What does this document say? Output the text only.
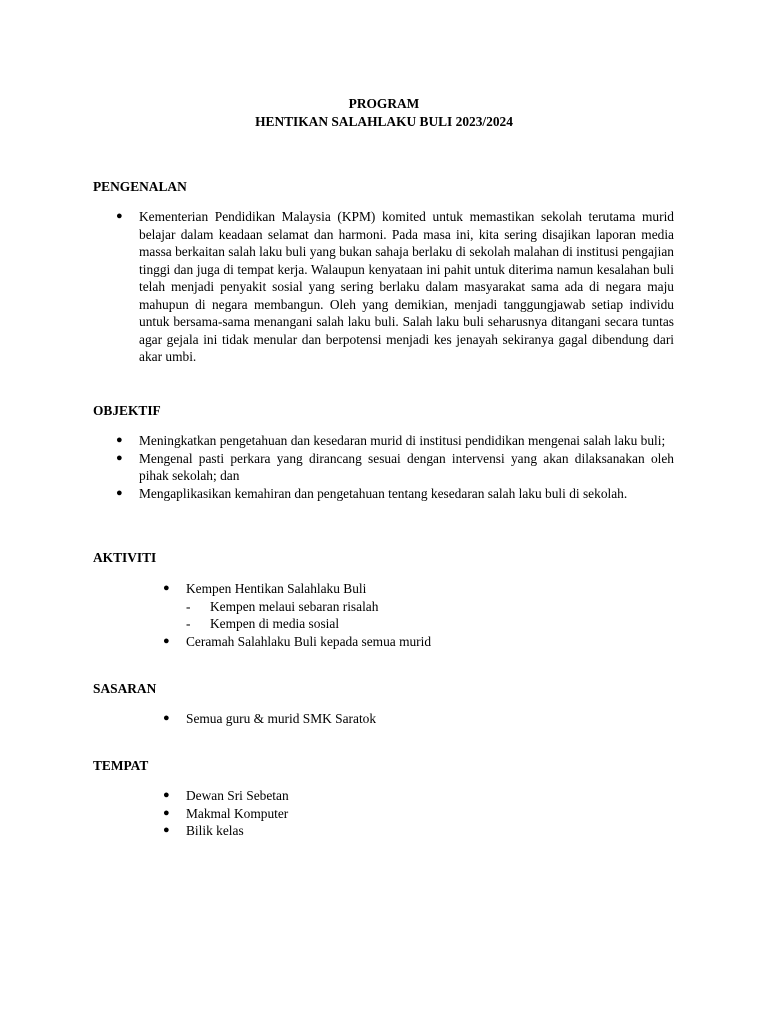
PROGRAM
HENTIKAN SALAHLAKU BULI 2023/2024
PENGENALAN
● Kementerian Pendidikan Malaysia (KPM) komited untuk memastikan sekolah terutama murid belajar dalam keadaan selamat dan harmoni. Pada masa ini, kita sering disajikan laporan media massa berkaitan salah laku buli yang bukan sahaja berlaku di sekolah malahan di institusi pengajian tinggi dan juga di tempat kerja. Walaupun kenyataan ini pahit untuk diterima namun kesalahan buli telah menjadi penyakit sosial yang sering berlaku dalam masyarakat sama ada di negara maju mahupun di negara membangun. Oleh yang demikian, menjadi tanggungjawab setiap individu untuk bersama-sama menangani salah laku buli. Salah laku buli seharusnya ditangani secara tuntas agar gejala ini tidak menular dan berpotensi menjadi kes jenayah sekiranya gagal dibendung dari akar umbi.
OBJEKTIF
● Meningkatkan pengetahuan dan kesedaran murid di institusi pendidikan mengenai salah laku buli;
● Mengenal pasti perkara yang dirancang sesuai dengan intervensi yang akan dilaksanakan oleh pihak sekolah; dan
● Mengaplikasikan kemahiran dan pengetahuan tentang kesedaran salah laku buli di sekolah.
AKTIVITI
● Kempen Hentikan Salahlaku Buli
- Kempen melaui sebaran risalah
- Kempen di media sosial
● Ceramah Salahlaku Buli kepada semua murid
SASARAN
● Semua guru & murid SMK Saratok
TEMPAT
● Dewan Sri Sebetan
● Makmal Komputer
● Bilik kelas
